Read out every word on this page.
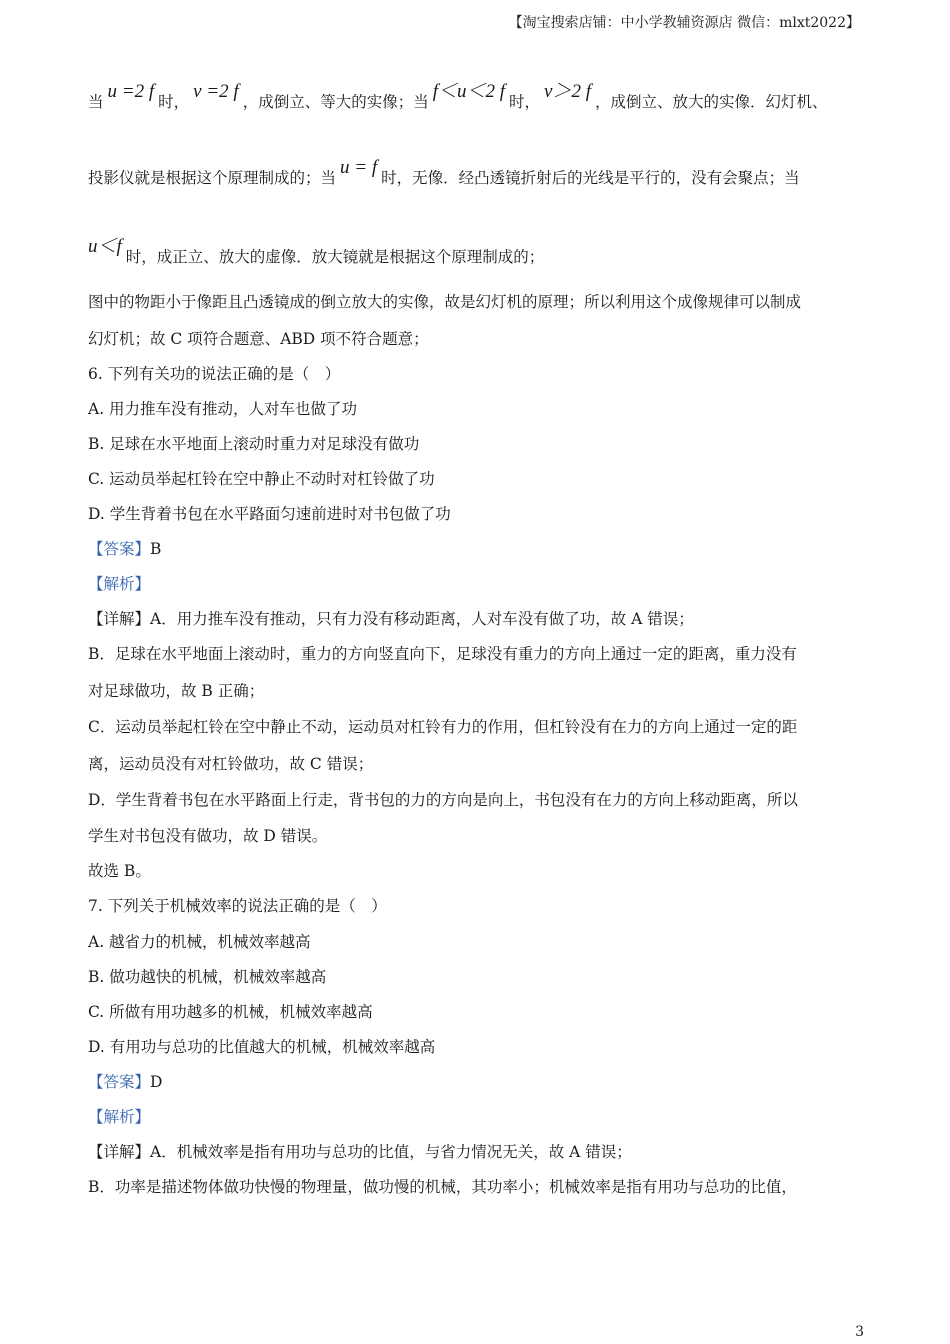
【淘宝搜索店铺：中小学教辅资源店 微信：mlxt2022】
当 u =2 f 时， v =2 f ，成倒立、等大的实像；当 f＜u＜2 f 时， v＞2 f ，成倒立、放大的实像．幻灯机、
投影仪就是根据这个原理制成的；当 u = f 时，无像．经凸透镜折射后的光线是平行的，没有会聚点；当
u＜f 时，成正立、放大的虚像．放大镜就是根据这个原理制成的；
图中的物距小于像距且凸透镜成的倒立放大的实像，故是幻灯机的原理；所以利用这个成像规律可以制成
幻灯机；故 C 项符合题意、ABD 项不符合题意；
6. 下列有关功的说法正确的是（　）
A. 用力推车没有推动，人对车也做了功
B. 足球在水平地面上滚动时重力对足球没有做功
C. 运动员举起杠铃在空中静止不动时对杠铃做了功
D. 学生背着书包在水平路面匀速前进时对书包做了功
【答案】B
【解析】
【详解】A．用力推车没有推动，只有力没有移动距离，人对车没有做了功，故 A 错误；
B．足球在水平地面上滚动时，重力的方向竖直向下，足球没有重力的方向上通过一定的距离，重力没有
对足球做功，故 B 正确；
C．运动员举起杠铃在空中静止不动，运动员对杠铃有力的作用，但杠铃没有在力的方向上通过一定的距
离，运动员没有对杠铃做功，故 C 错误；
D．学生背着书包在水平路面上行走，背书包的力的方向是向上，书包没有在力的方向上移动距离，所以
学生对书包没有做功，故 D 错误。
故选 B。
7. 下列关于机械效率的说法正确的是（　）
A. 越省力的机械，机械效率越高
B. 做功越快的机械，机械效率越高
C. 所做有用功越多的机械，机械效率越高
D. 有用功与总功的比值越大的机械，机械效率越高
【答案】D
【解析】
【详解】A．机械效率是指有用功与总功的比值，与省力情况无关，故 A 错误；
B．功率是描述物体做功快慢的物理量，做功慢的机械，其功率小；机械效率是指有用功与总功的比值，
3
